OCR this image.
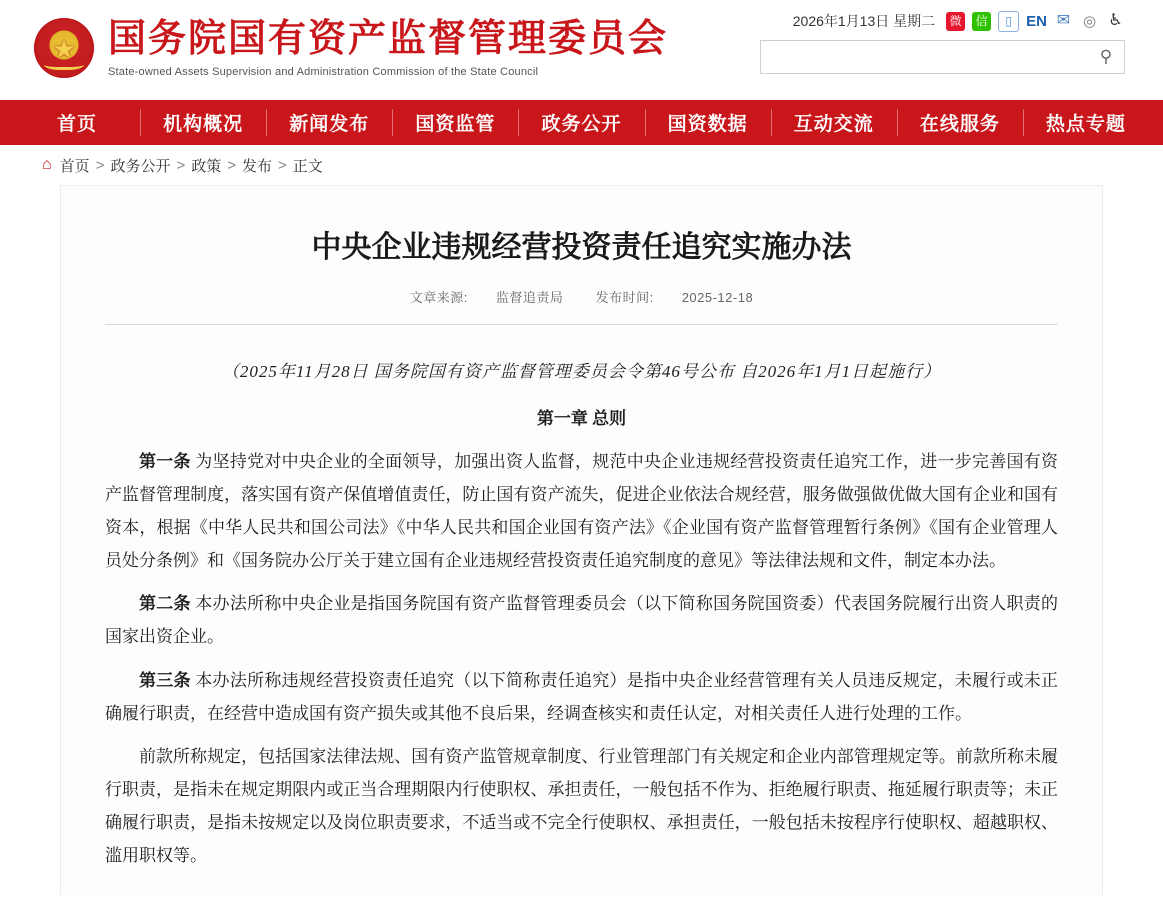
★
国务院国有资产监督管理委员会
State-owned Assets Supervision and Administration Commission of the State Council
2026年1月13日 星期二 微 信	▯ EN ✉ ◎ ♿
⚲
首页	机构概况	新闻发布	国资监管	政务公开	国资数据	互动交流	在线服务	热点专题
⌂ 首页 > 政务公开 > 政策 > 发布 > 正文
中央企业违规经营投资责任追究实施办法
文章来源: 监督追责局 发布时间: 2025-12-18

（2025年11月28日 国务院国有资产监督管理委员会令第46号公布 自2026年1月1日起施行）

第一章 总则

第一条 为坚持党对中央企业的全面领导，加强出资人监督，规范中央企业违规经营投资责任追究工作，进一步完善国有资产监督管理制度，落实国有资产保值增值责任，防止国有资产流失，促进企业依法合规经营，服务做强做优做大国有企业和国有资本，根据《中华人民共和国公司法》《中华人民共和国企业国有资产法》《企业国有资产监督管理暂行条例》《国有企业管理人员处分条例》和《国务院办公厅关于建立国有企业违规经营投资责任追究制度的意见》等法律法规和文件，制定本办法。

第二条 本办法所称中央企业是指国务院国有资产监督管理委员会（以下简称国务院国资委）代表国务院履行出资人职责的国家出资企业。

第三条 本办法所称违规经营投资责任追究（以下简称责任追究）是指中央企业经营管理有关人员违反规定，未履行或未正确履行职责，在经营中造成国有资产损失或其他不良后果，经调查核实和责任认定，对相关责任人进行处理的工作。

前款所称规定，包括国家法律法规、国有资产监管规章制度、行业管理部门有关规定和企业内部管理规定等。前款所称未履行职责，是指未在规定期限内或正当合理期限内行使职权、承担责任，一般包括不作为、拒绝履行职责、拖延履行职责等；未正确履行职责，是指未按规定以及岗位职责要求，不适当或不完全行使职权、承担责任，一般包括未按程序行使职权、超越职权、滥用职权等。
